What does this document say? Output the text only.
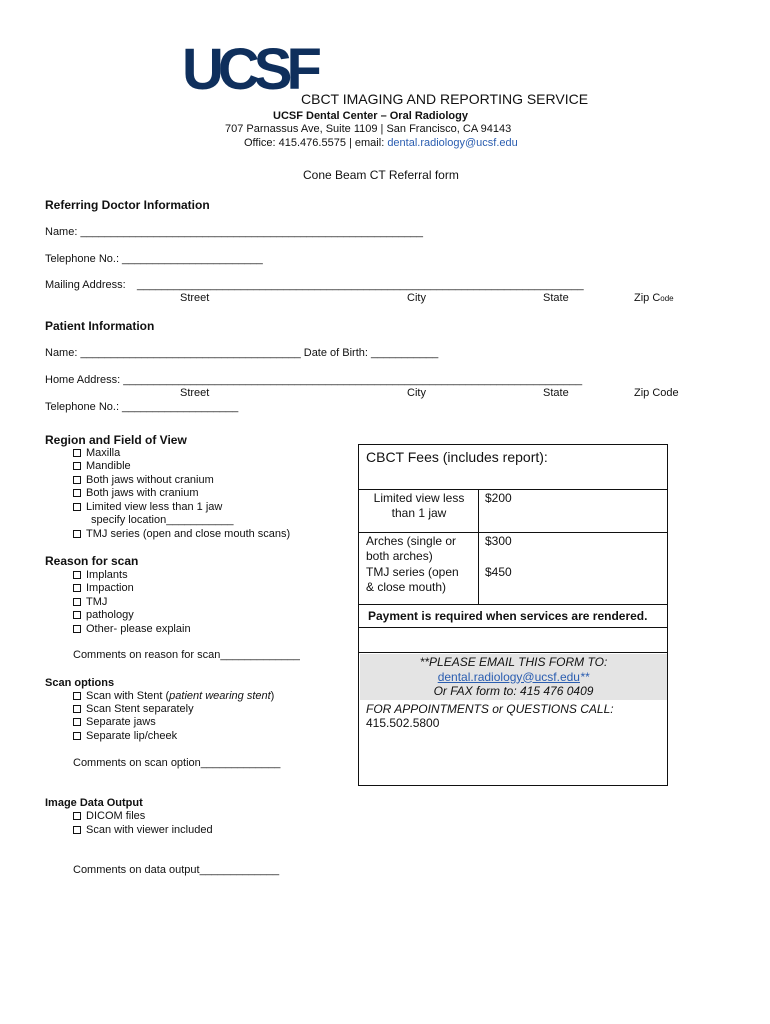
UCSF
CBCT IMAGING AND REPORTING SERVICE
UCSF Dental Center – Oral Radiology
707 Parnassus Ave, Suite 1109 | San Francisco, CA 94143
Office: 415.476.5575 | email: dental.radiology@ucsf.edu
Cone Beam CT Referral form
Referring Doctor Information
Name: ________________________________________________________
Telephone No.: _______________________
Mailing Address: _________________________________________________________________________
Street	City	State	Zip Code
Patient Information
Name: ____________________________________ Date of Birth: ___________
Home Address: ___________________________________________________________________________
Street	City	State	Zip Code
Telephone No.: ___________________
Region and Field of View
Maxilla
Mandible
Both jaws without cranium
Both jaws with cranium
Limited view less than 1 jaw
specify location___________
TMJ series (open and close mouth scans)
Reason for scan
Implants
Impaction
TMJ
pathology
Other- please explain
Comments on reason for scan_____________
Scan options
Scan with Stent (patient wearing stent)
Scan Stent separately
Separate jaws
Separate lip/cheek
Comments on scan option_____________
Image Data Output
DICOM files
Scan with viewer included
Comments on data output_____________
CBCT Fees (includes report):
Limited view less
than 1 jaw
$200
Arches (single or
both arches)
$300
TMJ series (open
& close mouth)
$450
Payment is required when services are rendered.
**PLEASE EMAIL THIS FORM TO:
dental.radiology@ucsf.edu**
Or FAX form to: 415 476 0409
FOR APPOINTMENTS or QUESTIONS CALL:
415.502.5800
